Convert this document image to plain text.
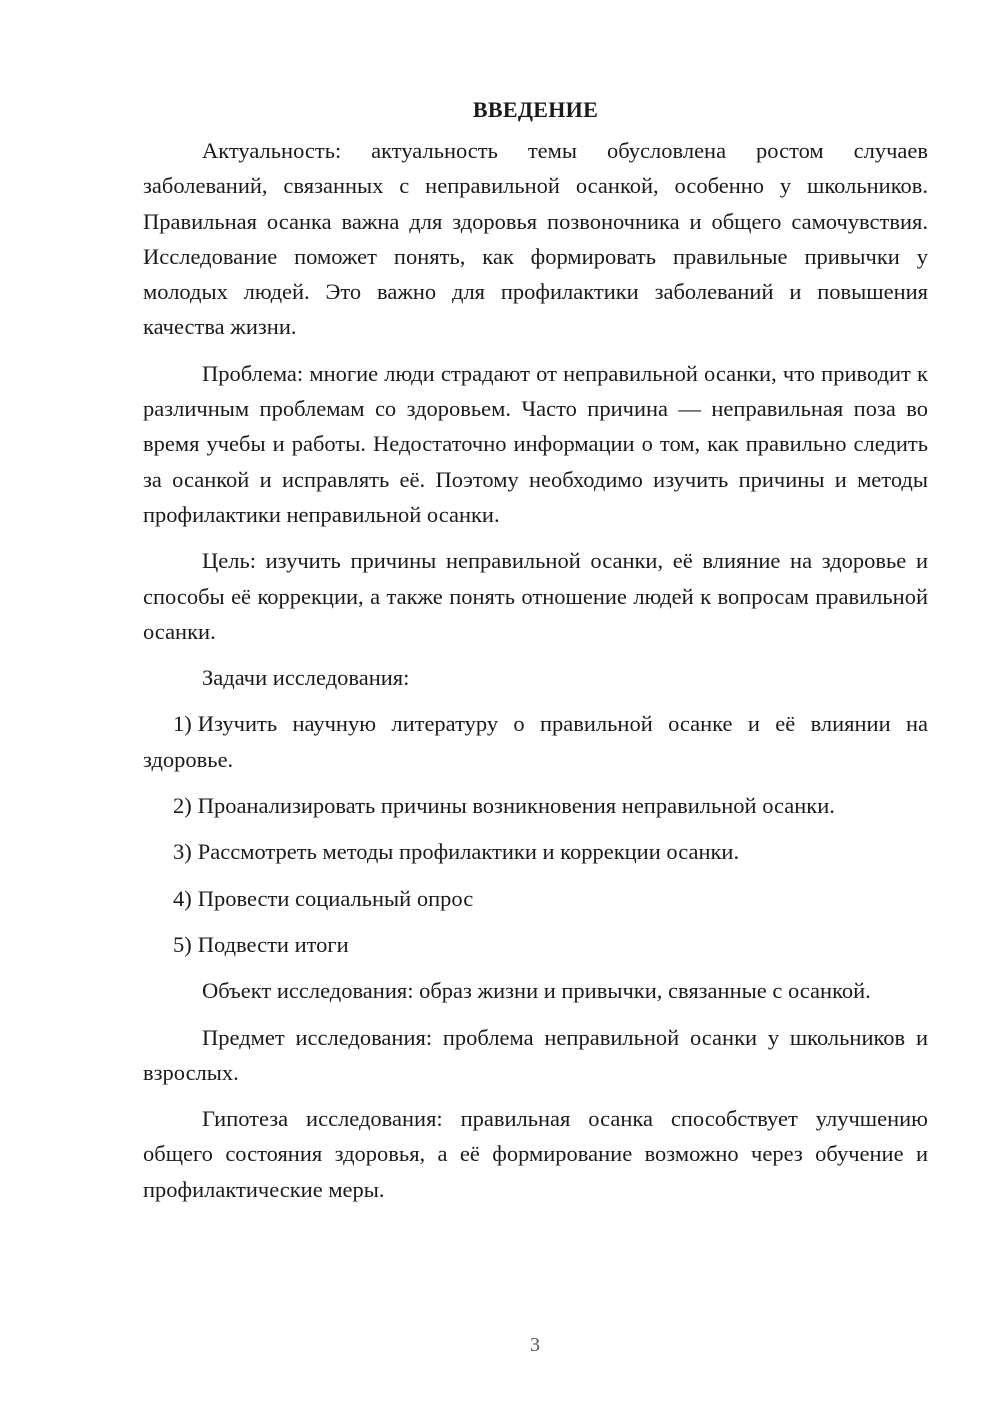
ВВЕДЕНИЕ

Актуальность: актуальность темы обусловлена ростом случаев заболеваний, связанных с неправильной осанкой, особенно у школьников. Правильная осанка важна для здоровья позвоночника и общего самочувствия. Исследование поможет понять, как формировать правильные привычки у молодых людей. Это важно для профилактики заболеваний и повышения качества жизни.

Проблема: многие люди страдают от неправильной осанки, что приводит к различным проблемам со здоровьем. Часто причина — неправильная поза во время учебы и работы. Недостаточно информации о том, как правильно следить за осанкой и исправлять её. Поэтому необходимо изучить причины и методы профилактики неправильной осанки.

Цель: изучить причины неправильной осанки, её влияние на здоровье и способы её коррекции, а также понять отношение людей к вопросам правильной осанки.

Задачи исследования:

1) Изучить научную литературу о правильной осанке и её влиянии на здоровье.

2) Проанализировать причины возникновения неправильной осанки.

3) Рассмотреть методы профилактики и коррекции осанки.

4) Провести социальный опрос

5) Подвести итоги

Объект исследования: образ жизни и привычки, связанные с осанкой.

Предмет исследования: проблема неправильной осанки у школьников и взрослых.

Гипотеза исследования: правильная осанка способствует улучшению общего состояния здоровья, а её формирование возможно через обучение и профилактические меры.

3
